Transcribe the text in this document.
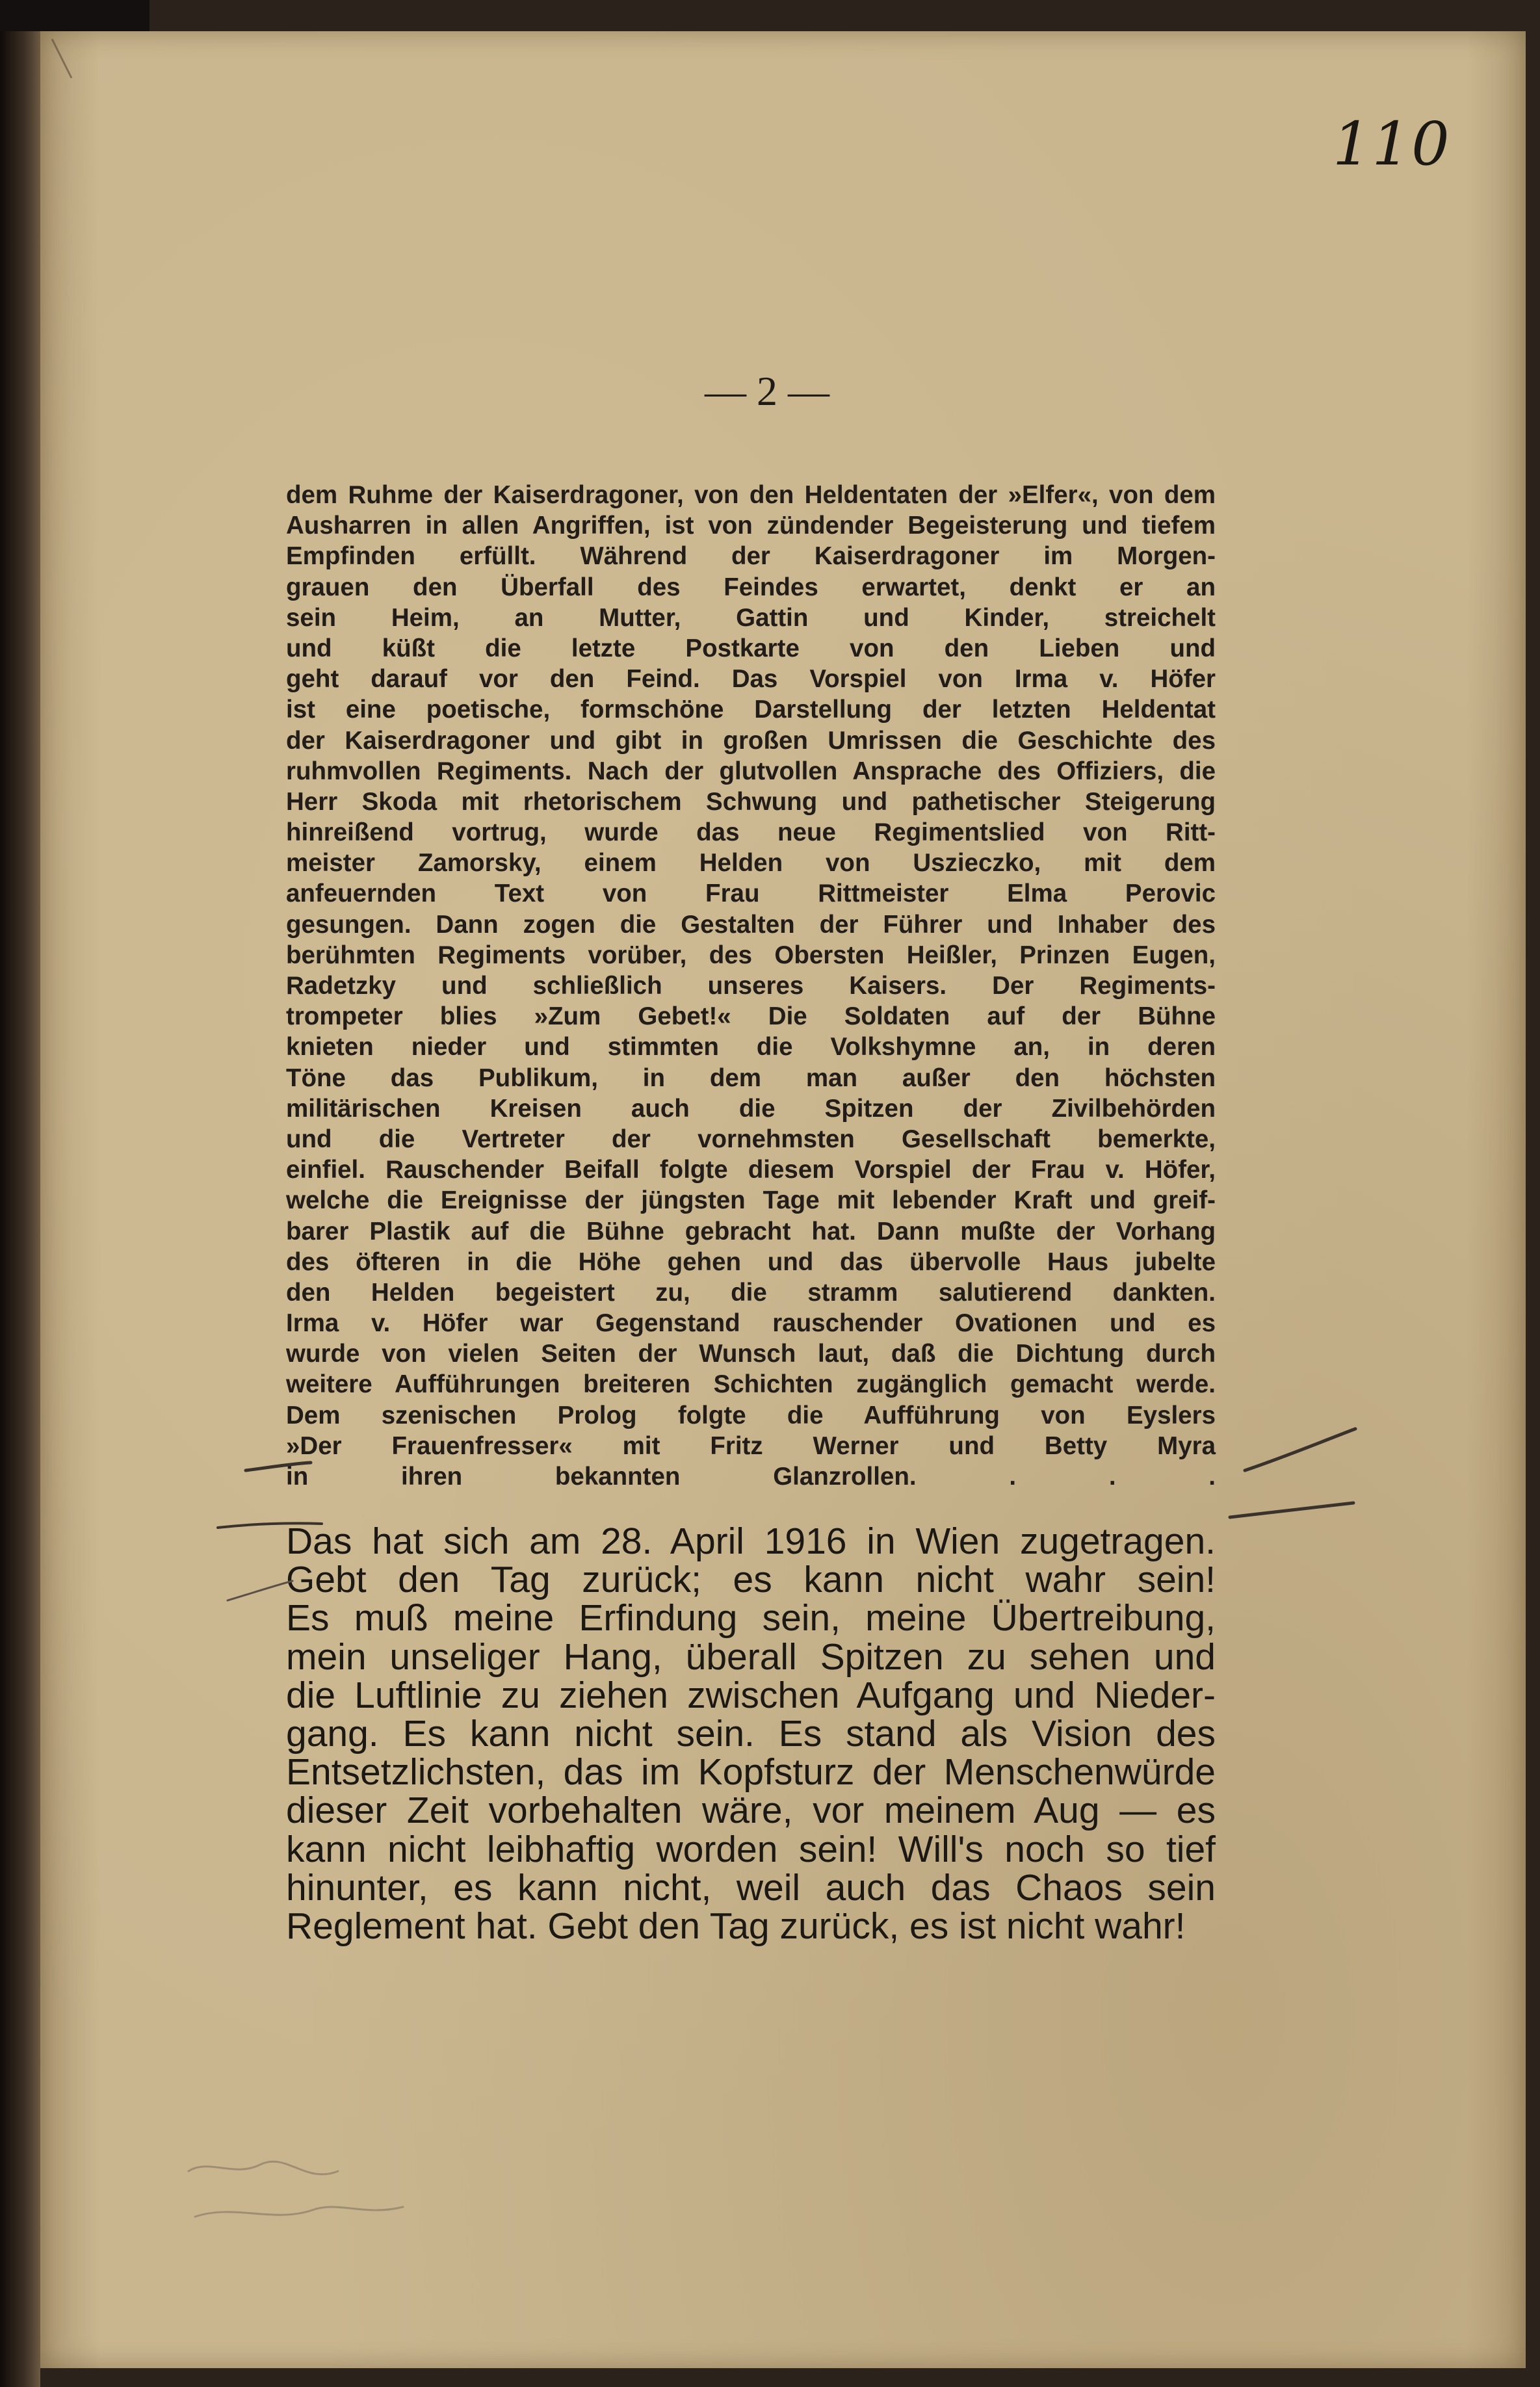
110
— 2 —
dem Ruhme der Kaiserdragoner, von den Heldentaten der »Elfer«, von dem
Ausharren in allen Angriffen, ist von zündender Begeisterung und tiefem
Empfinden erfüllt. Während der Kaiserdragoner im Morgen-
grauen den Überfall des Feindes erwartet, denkt er an
sein Heim, an Mutter, Gattin und Kinder, streichelt
und küßt die letzte Postkarte von den Lieben und
geht darauf vor den Feind. Das Vorspiel von Irma v. Höfer
ist eine poetische, formschöne Darstellung der letzten Heldentat
der Kaiserdragoner und gibt in großen Umrissen die Geschichte des
ruhmvollen Regiments. Nach der glutvollen Ansprache des Offiziers, die
Herr Skoda mit rhetorischem Schwung und pathetischer Steigerung
hinreißend vortrug, wurde das neue Regimentslied von Ritt-
meister Zamorsky, einem Helden von Uszieczko, mit dem
anfeuernden Text von Frau Rittmeister Elma Perovic
gesungen. Dann zogen die Gestalten der Führer und Inhaber des
berühmten Regiments vorüber, des Obersten Heißler, Prinzen Eugen,
Radetzky und schließlich unseres Kaisers. Der Regiments-
trompeter blies »Zum Gebet!« Die Soldaten auf der Bühne
knieten nieder und stimmten die Volkshymne an, in deren
Töne das Publikum, in dem man außer den höchsten
militärischen Kreisen auch die Spitzen der Zivilbehörden
und die Vertreter der vornehmsten Gesellschaft bemerkte,
einfiel. Rauschender Beifall folgte diesem Vorspiel der Frau v. Höfer,
welche die Ereignisse der jüngsten Tage mit lebender Kraft und greif-
barer Plastik auf die Bühne gebracht hat. Dann mußte der Vorhang
des öfteren in die Höhe gehen und das übervolle Haus jubelte
den Helden begeistert zu, die stramm salutierend dankten.
Irma v. Höfer war Gegenstand rauschender Ovationen und es
wurde von vielen Seiten der Wunsch laut, daß die Dichtung durch
weitere Aufführungen breiteren Schichten zugänglich gemacht werde.
Dem szenischen Prolog folgte die Aufführung von Eyslers
»Der Frauenfresser« mit Fritz Werner und Betty Myra
in ihren bekannten Glanzrollen. . . .
Das hat sich am 28. April 1916 in Wien zugetragen.
Gebt den Tag zurück; es kann nicht wahr sein!
Es muß meine Erfindung sein, meine Übertreibung,
mein unseliger Hang, überall Spitzen zu sehen und
die Luftlinie zu ziehen zwischen Aufgang und Nieder-
gang. Es kann nicht sein. Es stand als Vision des
Entsetzlichsten, das im Kopfsturz der Menschenwürde
dieser Zeit vorbehalten wäre, vor meinem Aug — es
kann nicht leibhaftig worden sein! Will's noch so tief
hinunter, es kann nicht, weil auch das Chaos sein
Reglement hat. Gebt den Tag zurück, es ist nicht wahr!
